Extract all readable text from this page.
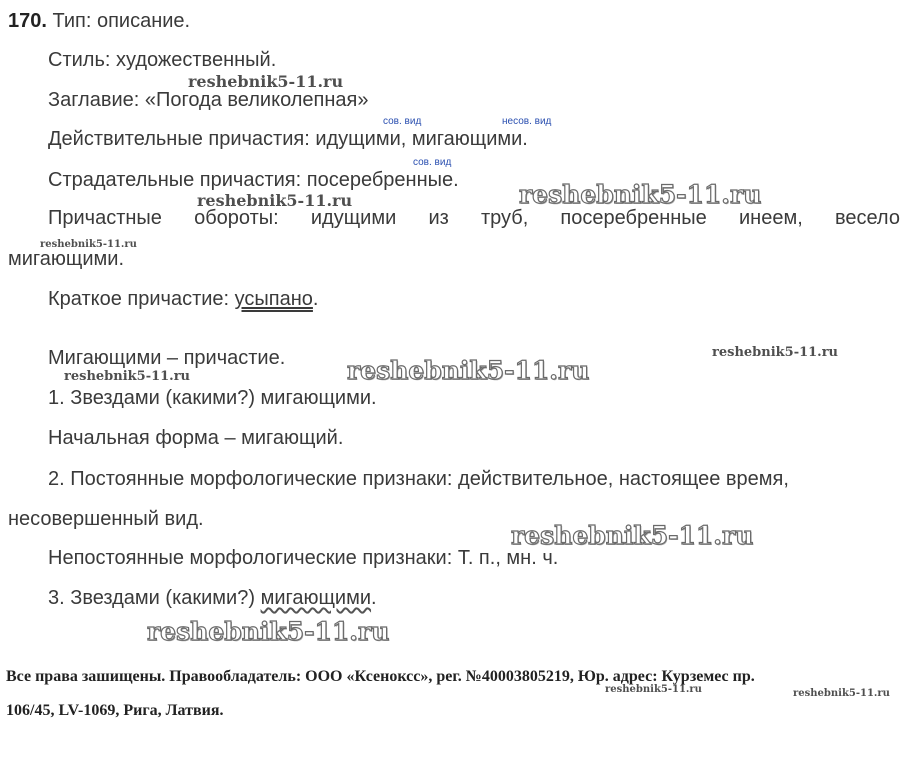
170. Тип: описание.
Стиль: художественный.
Заглавие: «Погода великолепная»
сов. вид	несов. вид
Действительные причастия: идущими, мигающими.
сов. вид
Страдательные причастия: посеребренные.
Причастные обороты: идущими из труб, посеребренные инеем, весело
мигающими.
Краткое причастие: усыпано.
Мигающими – причастие.
1. Звездами (какими?) мигающими.
Начальная форма – мигающий.
2. Постоянные морфологические признаки: действительное, настоящее время,
несовершенный вид.
Непостоянные морфологические признаки: Т. п., мн. ч.
3. Звездами (какими?) мигающими.
reshebnik5-11.ru
reshebnik5-11.ru
reshebnik5-11.ru
reshebnik5-11.ru
reshebnik5-11.ru
reshebnik5-11.ru
reshebnik5-11.ru
reshebnik5-11.ru
reshebnik5-11.ru
reshebnik5-11.ru	reshebnik5-11.ru
Все права зашищены. Правообладатель: ООО «Ксеноксс», рег. №40003805219, Юр. адрес: Курземес пр.
106/45, LV-1069, Рига, Латвия.
